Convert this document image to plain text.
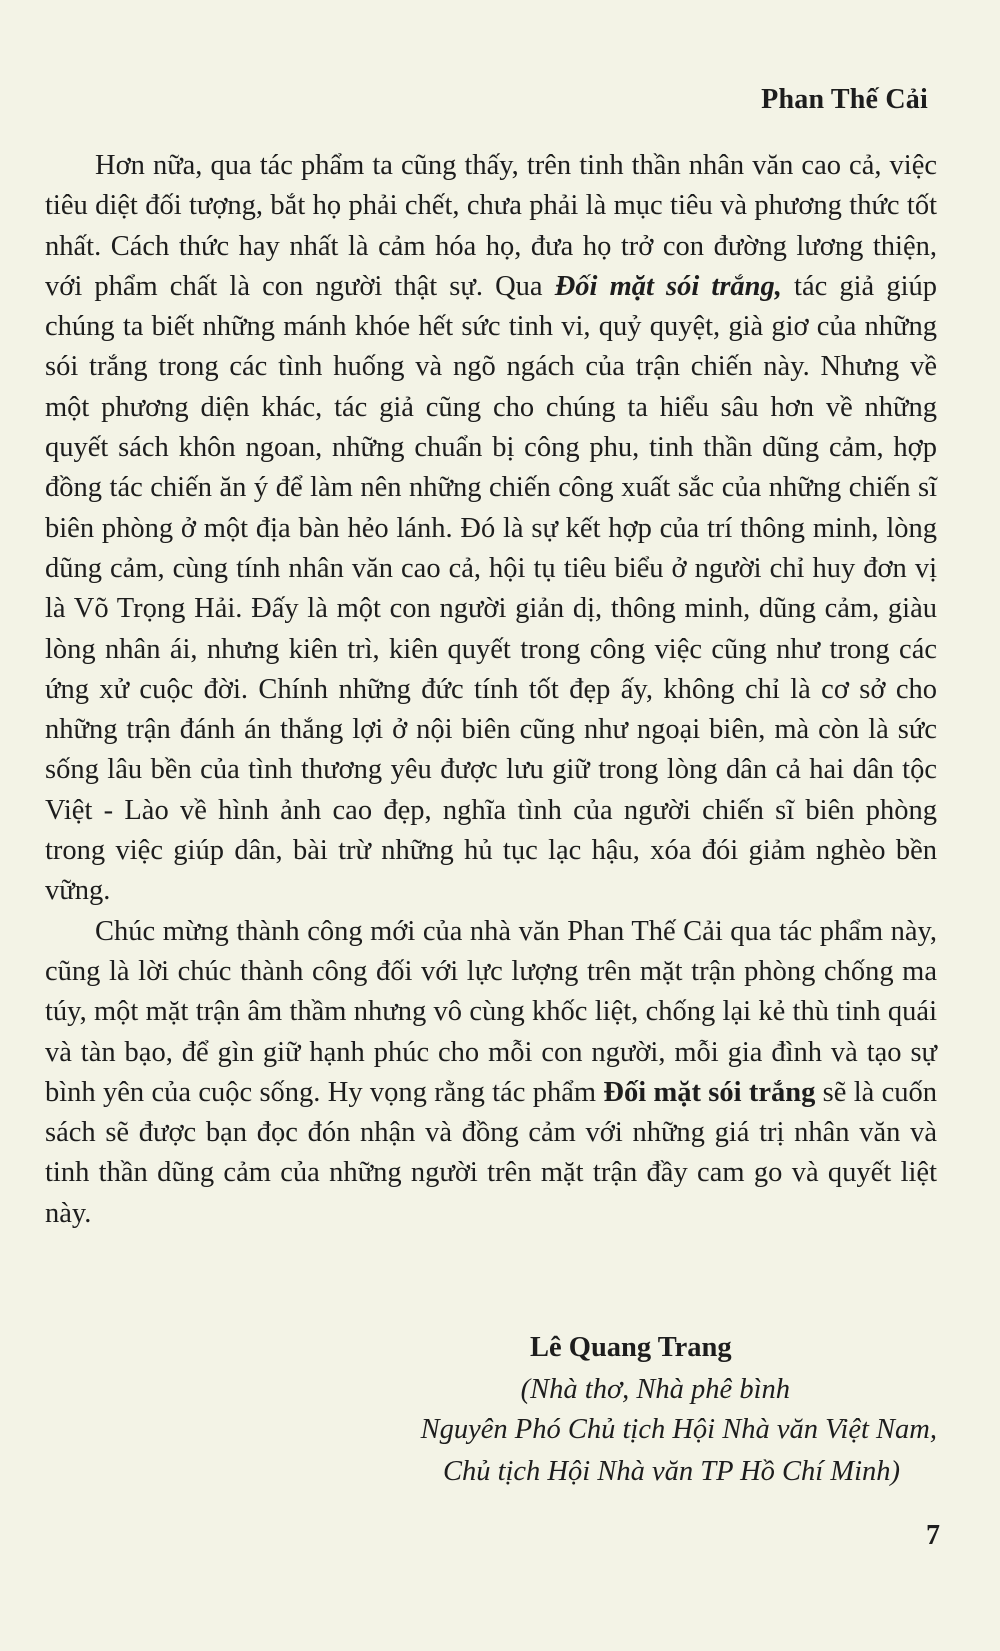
Phan Thế Cải

Hơn nữa, qua tác phẩm ta cũng thấy, trên tinh thần nhân văn cao cả, việc tiêu diệt đối tượng, bắt họ phải chết, chưa phải là mục tiêu và phương thức tốt nhất. Cách thức hay nhất là cảm hóa họ, đưa họ trở con đường lương thiện, với phẩm chất là con người thật sự. Qua Đối mặt sói trắng, tác giả giúp chúng ta biết những mánh khóe hết sức tinh vi, quỷ quyệt, già giơ của những sói trắng trong các tình huống và ngõ ngách của trận chiến này. Nhưng về một phương diện khác, tác giả cũng cho chúng ta hiểu sâu hơn về những quyết sách khôn ngoan, những chuẩn bị công phu, tinh thần dũng cảm, hợp đồng tác chiến ăn ý để làm nên những chiến công xuất sắc của những chiến sĩ biên phòng ở một địa bàn hẻo lánh. Đó là sự kết hợp của trí thông minh, lòng dũng cảm, cùng tính nhân văn cao cả, hội tụ tiêu biểu ở người chỉ huy đơn vị là Võ Trọng Hải. Đấy là một con người giản dị, thông minh, dũng cảm, giàu lòng nhân ái, nhưng kiên trì, kiên quyết trong công việc cũng như trong các ứng xử cuộc đời. Chính những đức tính tốt đẹp ấy, không chỉ là cơ sở cho những trận đánh án thắng lợi ở nội biên cũng như ngoại biên, mà còn là sức sống lâu bền của tình thương yêu được lưu giữ trong lòng dân cả hai dân tộc Việt - Lào về hình ảnh cao đẹp, nghĩa tình của người chiến sĩ biên phòng trong việc giúp dân, bài trừ những hủ tục lạc hậu, xóa đói giảm nghèo bền vững.

Chúc mừng thành công mới của nhà văn Phan Thế Cải qua tác phẩm này, cũng là lời chúc thành công đối với lực lượng trên mặt trận phòng chống ma túy, một mặt trận âm thầm nhưng vô cùng khốc liệt, chống lại kẻ thù tinh quái và tàn bạo, để gìn giữ hạnh phúc cho mỗi con người, mỗi gia đình và tạo sự bình yên của cuộc sống. Hy vọng rằng tác phẩm Đối mặt sói trắng sẽ là cuốn sách sẽ được bạn đọc đón nhận và đồng cảm với những giá trị nhân văn và tinh thần dũng cảm của những người trên mặt trận đầy cam go và quyết liệt này.

Lê Quang Trang
(Nhà thơ, Nhà phê bình
Nguyên Phó Chủ tịch Hội Nhà văn Việt Nam,
Chủ tịch Hội Nhà văn TP Hồ Chí Minh)
7
